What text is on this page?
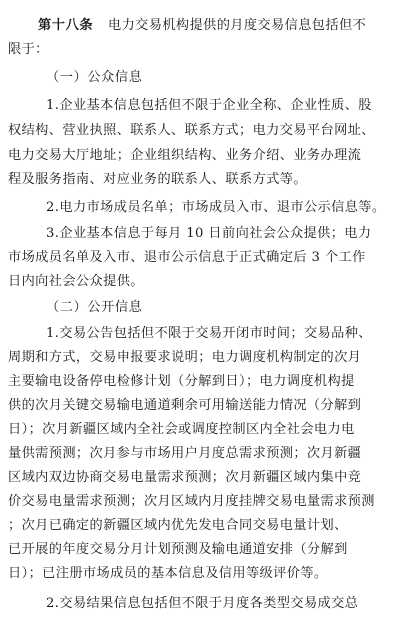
第十八条 电力交易机构提供的月度交易信息包括但不
限于：
（一）公众信息
1.企业基本信息包括但不限于企业全称、企业性质、股
权结构、营业执照、联系人、联系方式；电力交易平台网址、
电力交易大厅地址；企业组织结构、业务介绍、业务办理流
程及服务指南、对应业务的联系人、联系方式等。
2.电力市场成员名单；市场成员入市、退市公示信息等。
3.企业基本信息于每月 10 日前向社会公众提供；电力
市场成员名单及入市、退市公示信息于正式确定后 3 个工作
日内向社会公众提供。
（二）公开信息
1.交易公告包括但不限于交易开闭市时间；交易品种、
周期和方式，交易申报要求说明；电力调度机构制定的次月
主要输电设备停电检修计划（分解到日）；电力调度机构提
供的次月关键交易输电通道剩余可用输送能力情况（分解到
日）；次月新疆区域内全社会或调度控制区内全社会电力电
量供需预测；次月参与市场用户月度总需求预测；次月新疆
区域内双边协商交易电量需求预测；次月新疆区域内集中竞
价交易电量需求预测；次月区域内月度挂牌交易电量需求预测
；次月已确定的新疆区域内优先发电合同交易电量计划、
已开展的年度交易分月计划预测及输电通道安排（分解到
日）；已注册市场成员的基本信息及信用等级评价等。
2.交易结果信息包括但不限于月度各类型交易成交总
